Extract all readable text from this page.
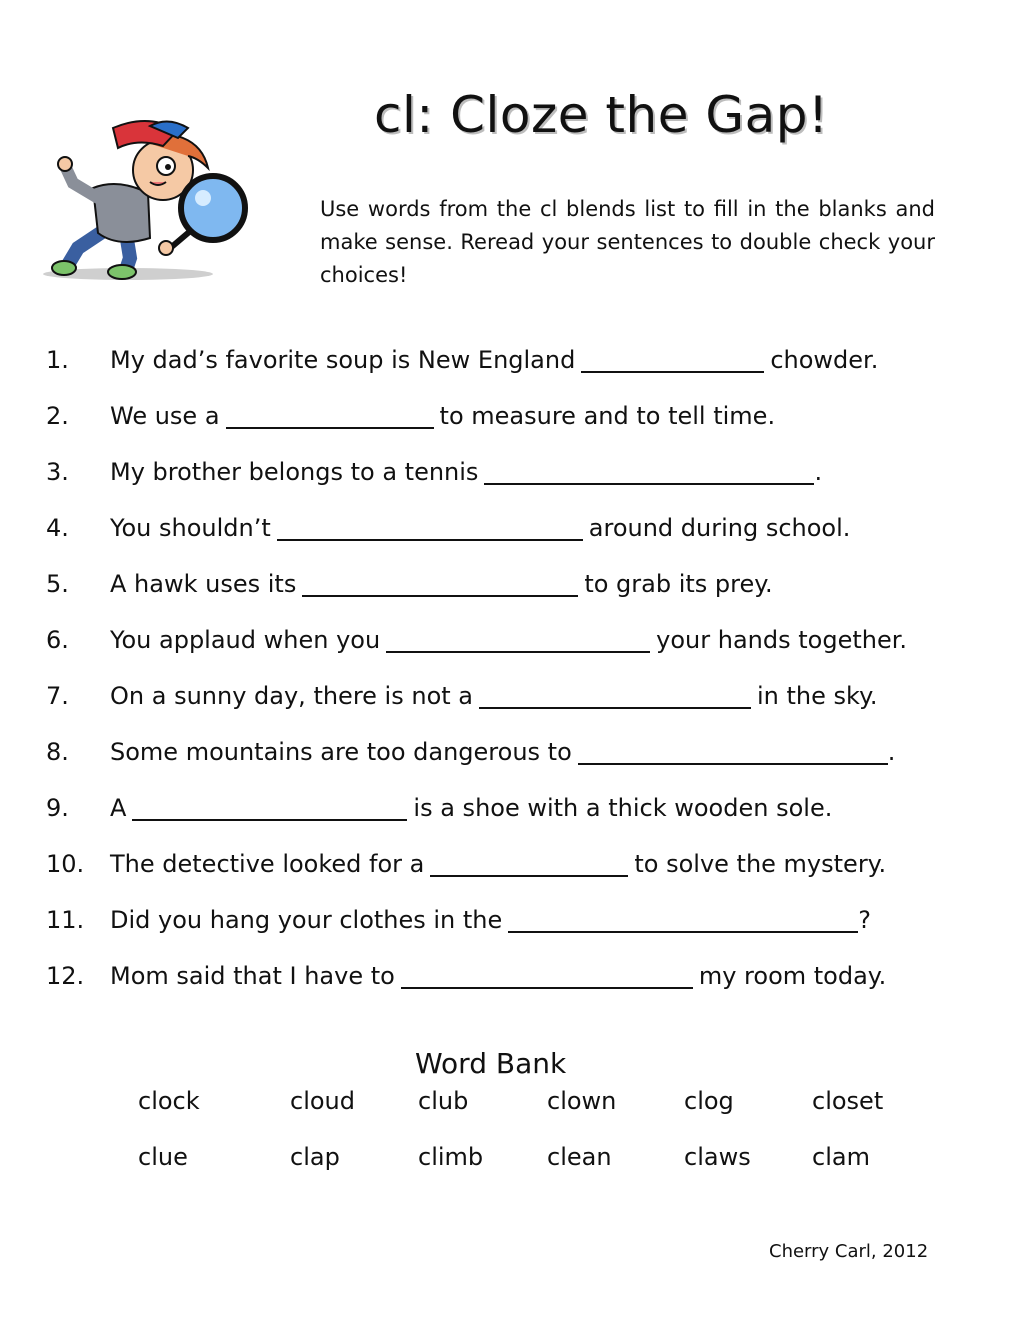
cl: Cloze the Gap!
Use words from the cl blends list to fill in the blanks and make sense. Reread your sentences to double check your choices!
1.	My dad’s favorite soup is New England	chowder.
2.	We use a	to measure and to tell time.
3.	My brother belongs to a tennis	.
4.	You shouldn’t	around during school.
5.	A hawk uses its	to grab its prey.
6.	You applaud when you	your hands together.
7.	On a sunny day, there is not a	in the sky.
8.	Some mountains are too dangerous to	.
9.	A	is a shoe with a thick wooden sole.
10.	The detective looked for a	to solve the mystery.
11.	Did you hang your clothes in the	?
12.	Mom said that I have to	my room today.
Word Bank
clock	cloud	club	clown	clog	closet
clue	clap	climb	clean	claws	clam
Cherry Carl, 2012
